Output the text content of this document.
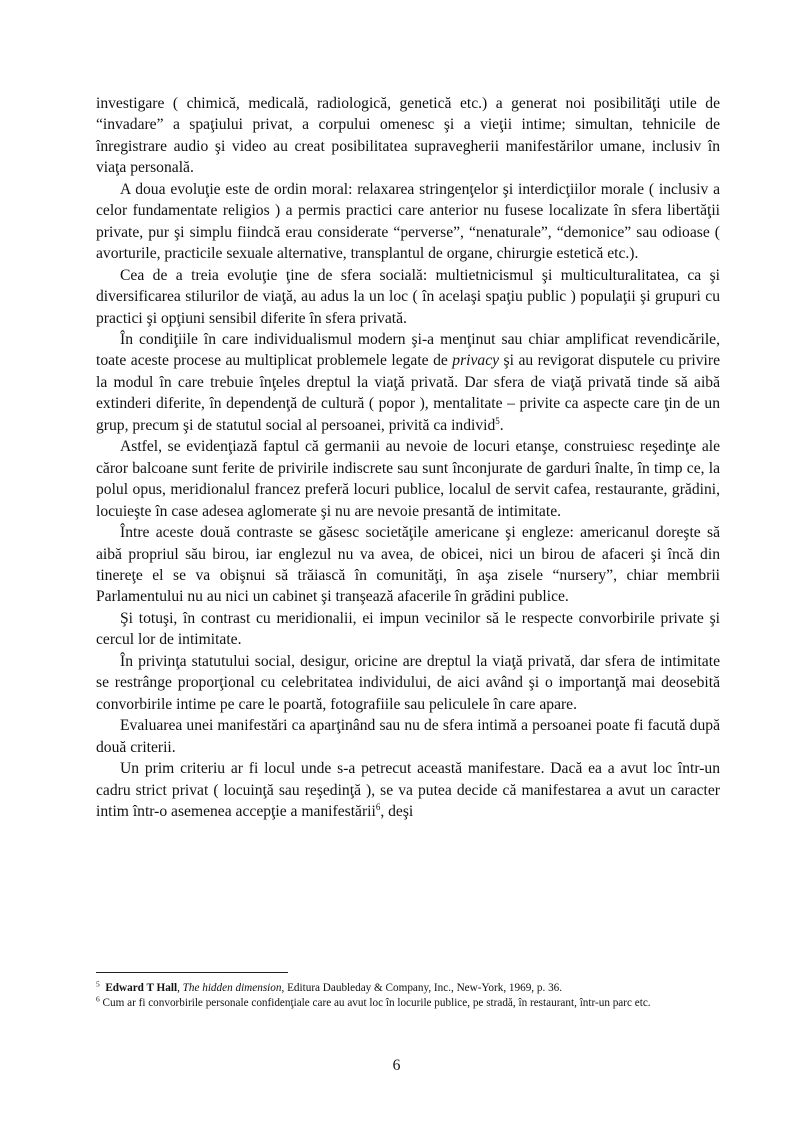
investigare ( chimică, medicală, radiologică, genetică etc.) a generat noi posibilităţi utile de “invadare” a spaţiului privat, a corpului omenesc şi a vieţii intime; simultan, tehnicile de înregistrare audio şi video au creat posibilitatea supravegherii manifestărilor umane, inclusiv în viaţa personală.

A doua evoluţie este de ordin moral: relaxarea stringenţelor şi interdicţiilor morale ( inclusiv a celor fundamentate religios ) a permis practici care anterior nu fusese localizate în sfera libertăţii private, pur şi simplu fiindcă erau considerate “perverse”, “nenaturale”, “demonice” sau odioase ( avorturile, practicile sexuale alternative, transplantul de organe, chirurgie estetică etc.).

Cea de a treia evoluţie ţine de sfera socială: multietnicismul şi multiculturalitatea, ca şi diversificarea stilurilor de viaţă, au adus la un loc ( în acelaşi spaţiu public ) populaţii şi grupuri cu practici şi opţiuni sensibil diferite în sfera privată.

În condiţiile în care individualismul modern şi-a menţinut sau chiar amplificat revendicările, toate aceste procese au multiplicat problemele legate de privacy şi au revigorat disputele cu privire la modul în care trebuie înţeles dreptul la viaţă privată. Dar sfera de viaţă privată tinde să aibă extinderi diferite, în dependenţă de cultură ( popor ), mentalitate – privite ca aspecte care ţin de un grup, precum şi de statutul social al persoanei, privită ca individ$^5$.

Astfel, se evidenţiază faptul că germanii au nevoie de locuri etanşe, construiesc reşedinţe ale căror balcoane sunt ferite de privirile indiscrete sau sunt înconjurate de garduri înalte, în timp ce, la polul opus, meridionalul francez preferă locuri publice, localul de servit cafea, restaurante, grădini, locuieşte în case adesea aglomerate şi nu are nevoie presantă de intimitate.

Între aceste două contraste se găsesc societăţile americane şi engleze: americanul doreşte să aibă propriul său birou, iar englezul nu va avea, de obicei, nici un birou de afaceri şi încă din tinereţe el se va obişnui să trăiască în comunităţi, în aşa zisele “nursery”, chiar membrii Parlamentului nu au nici un cabinet şi tranşează afacerile în grădini publice.

Şi totuşi, în contrast cu meridionalii, ei impun vecinilor să le respecte convorbirile private şi cercul lor de intimitate.

În privinţa statutului social, desigur, oricine are dreptul la viaţă privată, dar sfera de intimitate se restrânge proporţional cu celebritatea individului, de aici având şi o importanţă mai deosebită convorbirile intime pe care le poartă, fotografiile sau peliculele în care apare.

Evaluarea unei manifestări ca aparţinând sau nu de sfera intimă a persoanei poate fi facută după două criterii.

Un prim criteriu ar fi locul unde s-a petrecut această manifestare. Dacă ea a avut loc într-un cadru strict privat ( locuinţă sau reşedinţă ), se va putea decide că manifestarea a avut un caracter intim într-o asemenea accepţie a manifestării$^6$, deşi

$^5$ Edward T Hall, The hidden dimension, Editura Daubleday & Company, Inc., New-York, 1969, p. 36.

$^6$ Cum ar fi convorbirile personale confidenţiale care au avut loc în locurile publice, pe stradă, în restaurant, într-un parc etc.

6
